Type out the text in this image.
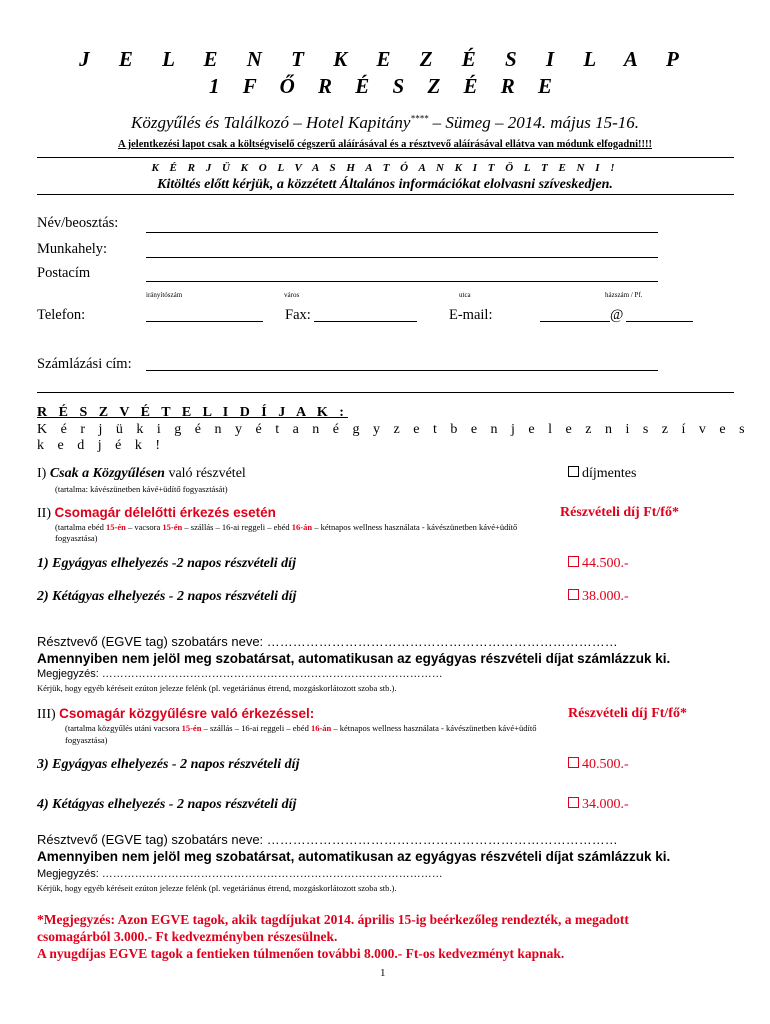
J E L E N T K E Z É S I L A P
1 F Ő R É S Z É R E
Közgyűlés és Találkozó – Hotel Kapitány**** – Sümeg – 2014. május 15-16.
A jelentkezési lapot csak a költségviselő cégszerű aláírásával és a résztvevő aláírásával ellátva van módunk elfogadni!!!!
K É R J Ü K O L V A S H A T Ó A N K I T Ö L T E N I !
Kitöltés előtt kérjük, a közzétett Általános információkat elolvasni szíveskedjen.
Név/beosztás:
Munkahely:
Postacím
irányítószám	város	utca	házszám / Pf.
Telefon:	Fax:	E-mail:	@
Számlázási cím:
R É S Z V É T E L I D Í J A K :
K é r j ü k i g é n y é t a n é g y z e t b e n j e l e z n i s z í v e s k e d j é k !
I) Csak a Közgyűlésen való részvétel	díjmentes
(tartalma: kávészünetben kávé+üdítő fogyasztását)
II) Csomagár délelőtti érkezés esetén	Részvételi díj Ft/fő*
(tartalma ebéd 15-én – vacsora 15-én – szállás – 16-ai reggeli – ebéd 16-án – kétnapos wellness használata - kávészünetben kávé+üdítő
fogyasztása)
1) Egyágyas elhelyezés -2 napos részvételi díj	44.500.-
2) Kétágyas elhelyezés - 2 napos részvételi díj	38.000.-
Résztvevő (EGVE tag) szobatárs neve: ………………………………………………………………………
Amennyiben nem jelöl meg szobatársat, automatikusan az egyágyas részvételi díjat számlázzuk ki.
Megjegyzés: …………………………………………………………………………………
Kérjük, hogy egyéb kéréseit ezúton jelezze felénk (pl. vegetáriánus étrend, mozgáskorlátozott szoba stb.).
III) Csomagár közgyűlésre való érkezéssel:	Részvételi díj Ft/fő*
(tartalma közgyűlés utáni vacsora 15-én – szállás – 16-ai reggeli – ebéd 16-án – kétnapos wellness használata - kávészünetben kávé+üdítő
fogyasztása)
3) Egyágyas elhelyezés - 2 napos részvételi díj	40.500.-
4) Kétágyas elhelyezés - 2 napos részvételi díj	34.000.-
Résztvevő (EGVE tag) szobatárs neve: ………………………………………………………………………
Amennyiben nem jelöl meg szobatársat, automatikusan az egyágyas részvételi díjat számlázzuk ki.
Megjegyzés: …………………………………………………………………………………
Kérjük, hogy egyéb kéréseit ezúton jelezze felénk (pl. vegetáriánus étrend, mozgáskorlátozott szoba stb.).
*Megjegyzés: Azon EGVE tagok, akik tagdíjukat 2014. április 15-ig beérkezőleg rendezték, a megadott
csomagárból 3.000.- Ft kedvezményben részesülnek.
A nyugdíjas EGVE tagok a fentieken túlmenően további 8.000.- Ft-os kedvezményt kapnak.
1
